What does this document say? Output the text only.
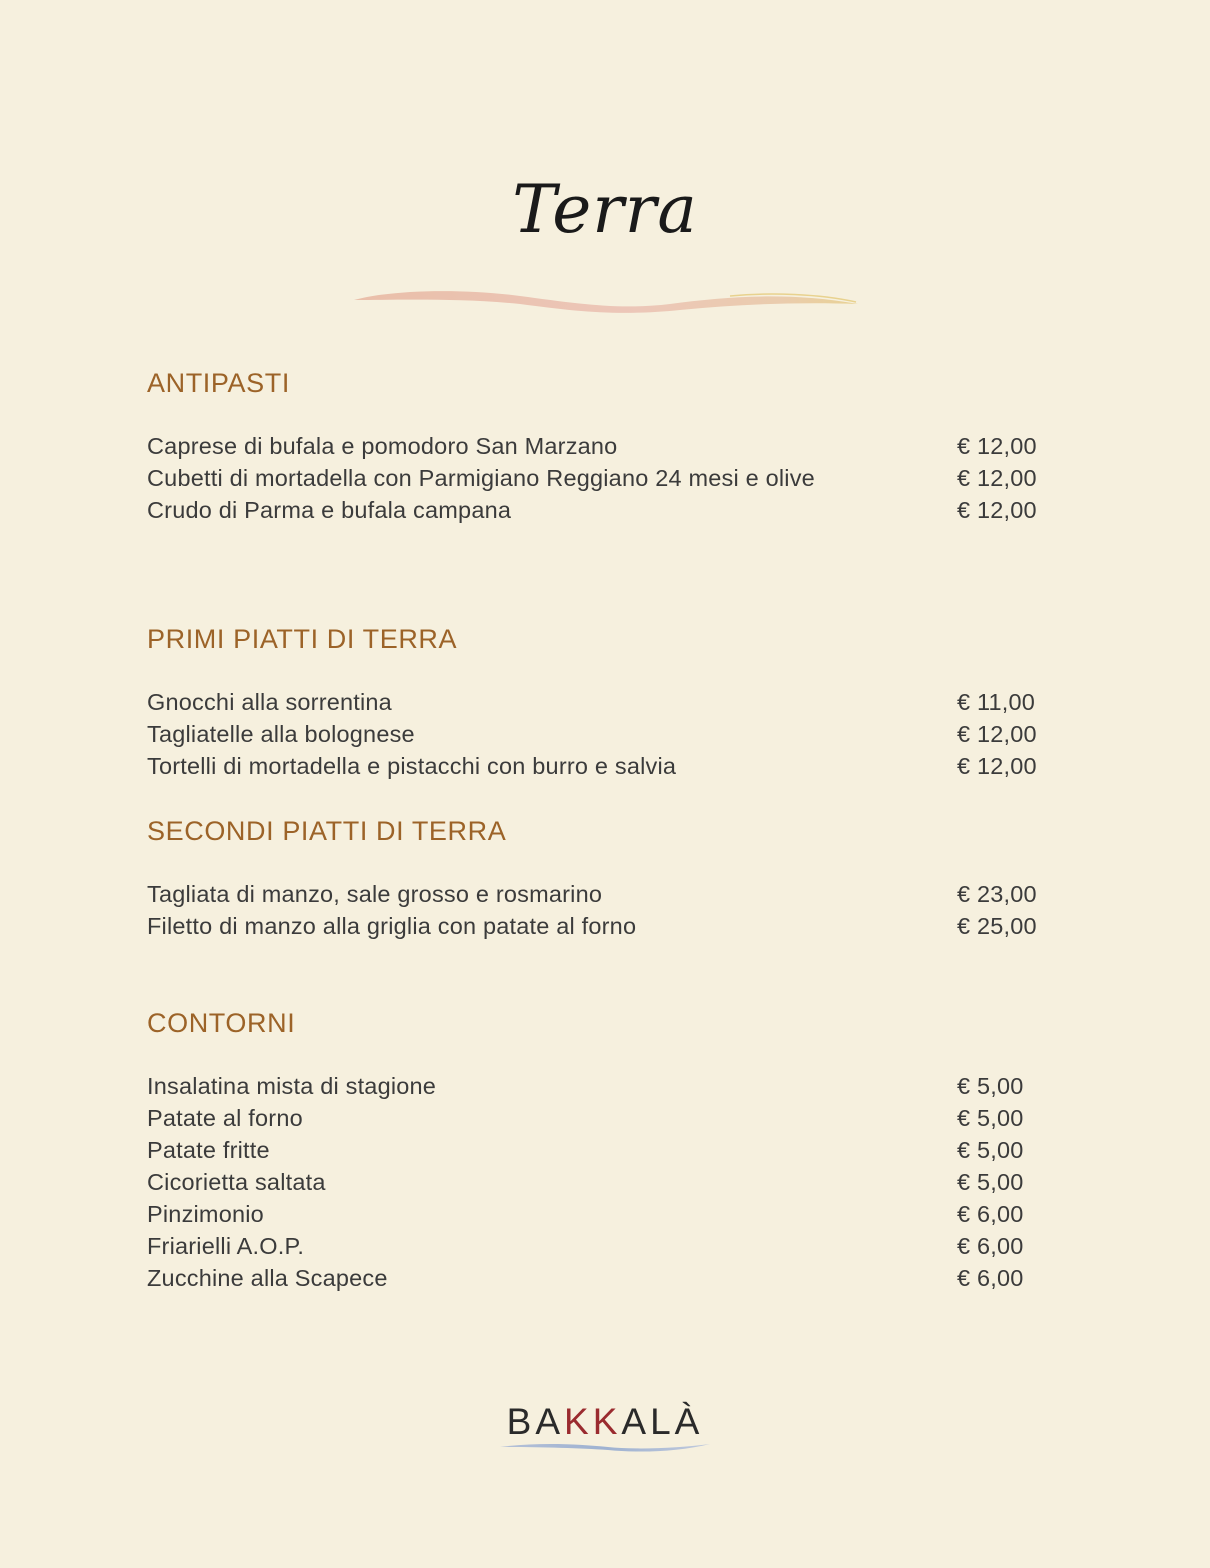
Terra
ANTIPASTI
Caprese di bufala e pomodoro San Marzano	€ 12,00
Cubetti di mortadella con Parmigiano Reggiano 24 mesi e olive	€ 12,00
Crudo di Parma e bufala campana	€ 12,00
PRIMI PIATTI DI TERRA
Gnocchi alla sorrentina	€ 11,00
Tagliatelle alla bolognese	€ 12,00
Tortelli di mortadella e pistacchi con burro e salvia	€ 12,00
SECONDI PIATTI DI TERRA
Tagliata di manzo, sale grosso e rosmarino	€ 23,00
Filetto di manzo alla griglia con patate al forno	€ 25,00
CONTORNI
Insalatina mista di stagione	€ 5,00
Patate al forno	€ 5,00
Patate fritte	€ 5,00
Cicorietta saltata	€ 5,00
Pinzimonio	€ 6,00
Friarielli A.O.P.	€ 6,00
Zucchine alla Scapece	€ 6,00
BAKKALÀ
